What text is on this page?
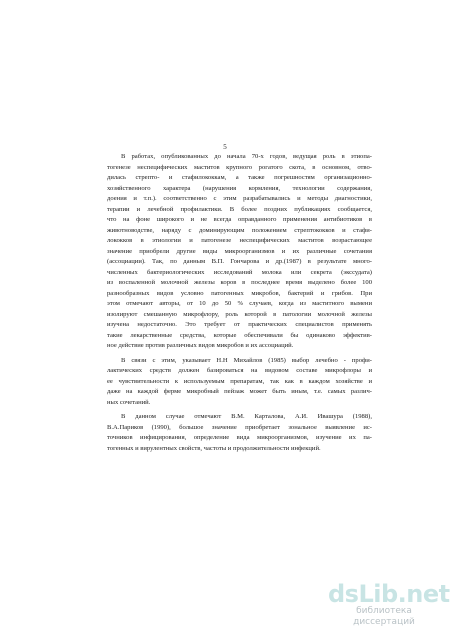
5
В работах, опубликованных до начала 70-х годов, ведущая роль в этиопа-
тогенезе неспецифических маститов крупного рогатого скота, в основном, отво-
дилась стрепто- и стафилококкам, а также погрешностям организационно-
хозяйственного характера (нарушения кормления, технологии содержания,
доения и т.п.). соответственно с этим разрабатывались и методы диагностики,
терапии и лечебной профилактики. В более поздних публикациях сообщается,
что на фоне широкого и не всегда оправданного применения антибиотиков в
животноводстве, наряду с доминирующим положением стрептококков и стафи-
лококков в этиологии и патогенезе неспецифических маститов возрастающее
значение приобрели другие виды микроорганизмов и их различные сочетания
(ассоциации). Так, по данным В.П. Гончарова и др.(1987) в результате много-
численных бактериологических исследований молока или секрета (экссудата)
из воспаленной молочной железы коров в последнее время выделено более 100
разнообразных видов условно патогенных микробов, бактерий и грибов. При
этом отмечают авторы, от 10 до 50 % случаев, когда из маститного вымени
изолируют смешанную микрофлору, роль которой в патологии молочной железы
изучена недостаточно. Это требует от практических специалистов применять
такие лекарственные средства, которые обеспечивали бы одинаково эффектив-
ное действие против различных видов микробов и их ассоциаций.
В связи с этим, указывает Н.Н Михайлов (1985) выбор лечебно - профи-
лактических средств должен базироваться на видовом составе микрофлоры и
ее чувствительности к используемым препаратам, так как в каждом хозяйстве и
даже на каждой ферме микробный пейзаж может быть иным, т.е. самых различ-
ных сочетаний.
В данном случае отмечают В.М. Карталова, А.И. Ивашура (1988),
В.А.Париков (1990), большое значение приобретает зональное выявление ис-
точников инфицирования, определение вида микроорганизмов, изучение их па-
тогенных и вирулентных свойств, частоты и продолжительности инфекций.
dsLib.net
библиотека диссертаций
